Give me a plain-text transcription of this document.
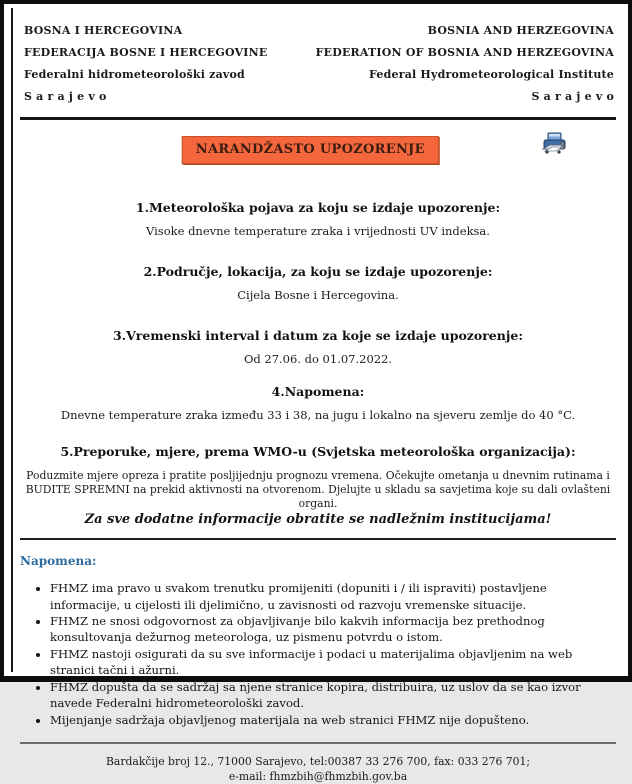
BOSNA I HERCEGOVINA
FEDERACIJA BOSNE I HERCEGOVINE
Federalni hidrometeorološki zavod
S a r a j e v o
BOSNIA AND HERZEGOVINA
FEDERATION OF BOSNIA AND HERZEGOVINA
Federal Hydrometeorological Institute
S a r a j e v o
NARANDŽASTO UPOZORENJE
1.Meteorološka pojava za koju se izdaje upozorenje:
Visoke dnevne temperature zraka i vrijednosti UV indeksa.
2.Područje, lokacija, za koju se izdaje upozorenje:
Cijela Bosne i Hercegovina.
3.Vremenski interval i datum za koje se izdaje upozorenje:
Od 27.06. do 01.07.2022.
4.Napomena:
Dnevne temperature zraka između 33 i 38, na jugu i lokalno na sjeveru zemlje do 40 °C.
5.Preporuke, mjere, prema WMO-u (Svjetska meteorološka organizacija):
Poduzmite mjere opreza i pratite posljijednju prognozu vremena. Očekujte ometanja u dnevnim rutinama i BUDITE SPREMNI na prekid aktivnosti na otvorenom. Djelujte u skladu sa savjetima koje su dali ovlašteni organi.
Za sve dodatne informacije obratite se nadležnim institucijama!
Napomena:
• FHMZ ima pravo u svakom trenutku promijeniti (dopuniti i / ili ispraviti) postavljene informacije, u cijelosti ili djelimično, u zavisnosti od razvoju vremenske situacije.
• FHMZ ne snosi odgovornost za objavljivanje bilo kakvih informacija bez prethodnog konsultovanja dežurnog meteorologa, uz pismenu potvrdu o istom.
• FHMZ nastoji osigurati da su sve informacije i podaci u materijalima objavljenim na web stranici tačni i ažurni.
• FHMZ dopušta da se sadržaj sa njene stranice kopira, distribuira, uz uslov da se kao izvor navede Federalni hidrometeorološki zavod.
• Mijenjanje sadržaja objavljenog materijala na web stranici FHMZ nije dopušteno.
Bardakčije broj 12., 71000 Sarajevo, tel:00387 33 276 700, fax: 033 276 701;
e-mail: fhmzbih@fhmzbih.gov.ba
